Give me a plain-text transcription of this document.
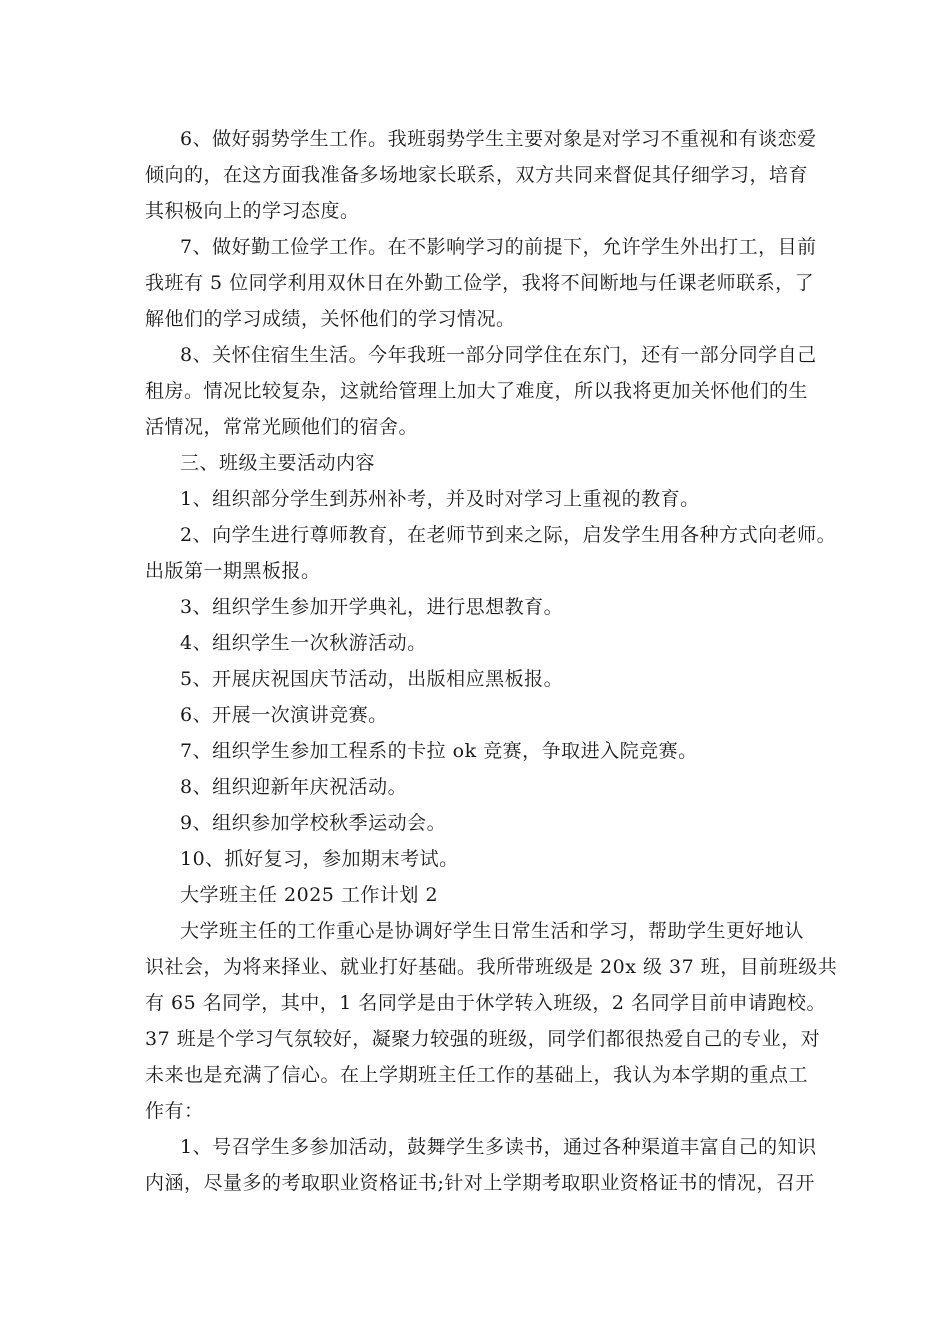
6、做好弱势学生工作。我班弱势学生主要对象是对学习不重视和有谈恋爱
倾向的，在这方面我准备多场地家长联系，双方共同来督促其仔细学习，培育
其积极向上的学习态度。
7、做好勤工俭学工作。在不影响学习的前提下，允许学生外出打工，目前
我班有 5 位同学利用双休日在外勤工俭学，我将不间断地与任课老师联系，了
解他们的学习成绩，关怀他们的学习情况。
8、关怀住宿生生活。今年我班一部分同学住在东门，还有一部分同学自己
租房。情况比较复杂，这就给管理上加大了难度，所以我将更加关怀他们的生
活情况，常常光顾他们的宿舍。
三、班级主要活动内容
1、组织部分学生到苏州补考，并及时对学习上重视的教育。
2、向学生进行尊师教育，在老师节到来之际，启发学生用各种方式向老师。
出版第一期黑板报。
3、组织学生参加开学典礼，进行思想教育。
4、组织学生一次秋游活动。
5、开展庆祝国庆节活动，出版相应黑板报。
6、开展一次演讲竞赛。
7、组织学生参加工程系的卡拉 ok 竞赛，争取进入院竞赛。
8、组织迎新年庆祝活动。
9、组织参加学校秋季运动会。
10、抓好复习，参加期末考试。
大学班主任 2025 工作计划 2
大学班主任的工作重心是协调好学生日常生活和学习，帮助学生更好地认
识社会，为将来择业、就业打好基础。我所带班级是 20x 级 37 班，目前班级共
有 65 名同学，其中，1 名同学是由于休学转入班级，2 名同学目前申请跑校。
37 班是个学习气氛较好，凝聚力较强的班级，同学们都很热爱自己的专业，对
未来也是充满了信心。在上学期班主任工作的基础上，我认为本学期的重点工
作有：
1、号召学生多参加活动，鼓舞学生多读书，通过各种渠道丰富自己的知识
内涵，尽量多的考取职业资格证书;针对上学期考取职业资格证书的情况，召开
